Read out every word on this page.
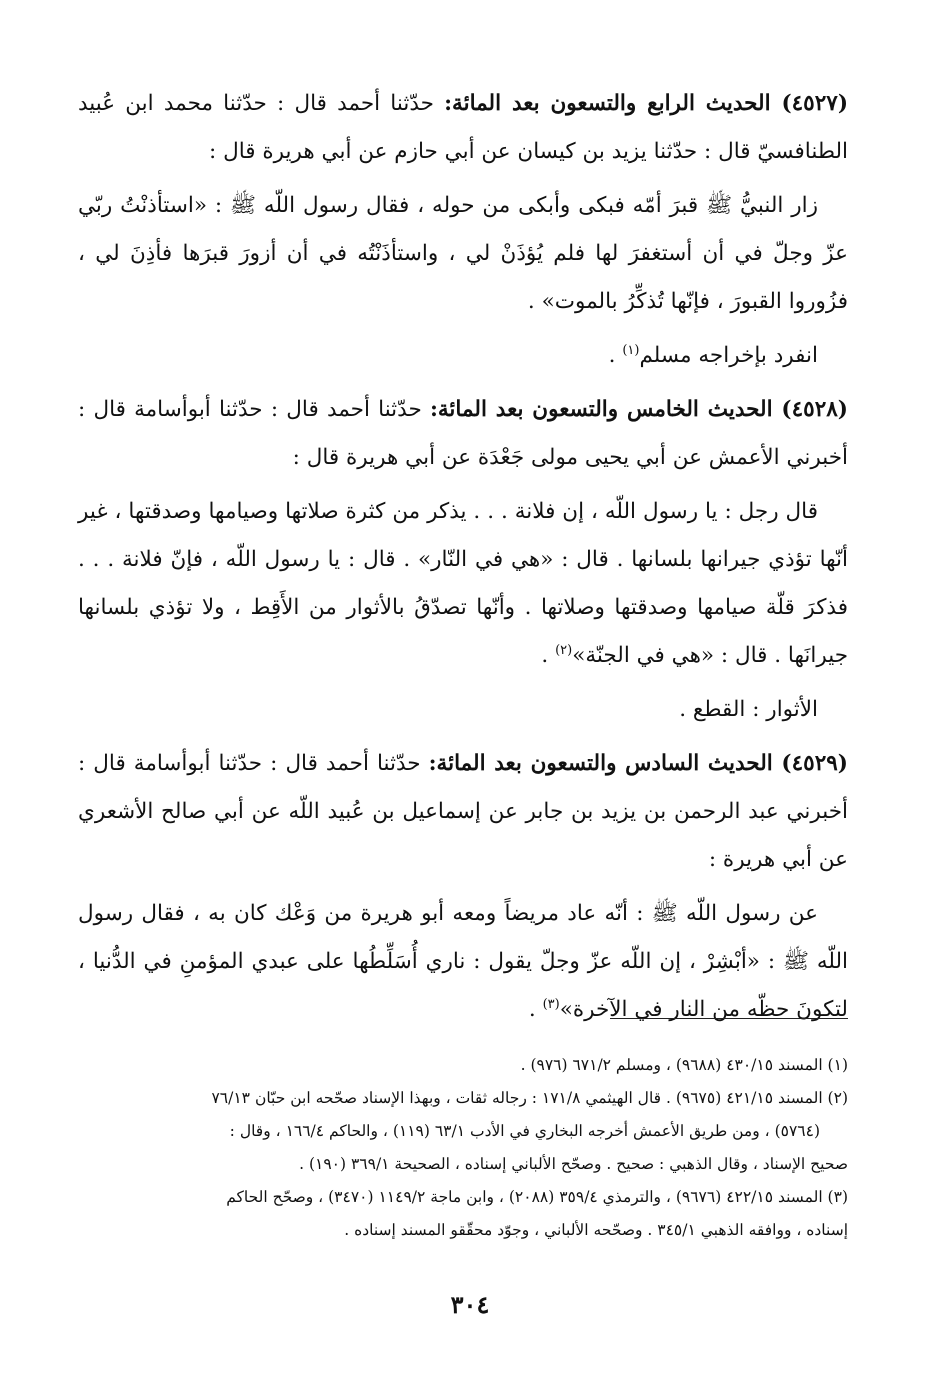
(٤٥٢٧) الحديث الرابع والتسعون بعد المائة: حدّثنا أحمد قال : حدّثنا محمد ابن عُبيد الطنافسيّ قال : حدّثنا يزيد بن كيسان عن أبي حازم عن أبي هريرة قال :

زار النبيُّ ﷺ قبرَ أمّه فبكى وأبكى من حوله ، فقال رسول اللّه ﷺ : «استأذنْتُ ربّي عزّ وجلّ في أن أستغفرَ لها فلم يُؤذَنْ لي ، واستأذَنْتُه في أن أزورَ قبرَها فأذِنَ لي ، فزُوروا القبورَ ، فإنّها تُذكِّرُ بالموت» .

انفرد بإخراجه مسلم$^{(١)}$ .

(٤٥٢٨) الحديث الخامس والتسعون بعد المائة: حدّثنا أحمد قال : حدّثنا أبوأسامة قال : أخبرني الأعمش عن أبي يحيى مولى جَعْدَة عن أبي هريرة قال :

قال رجل : يا رسول اللّه ، إن فلانة . . . يذكر من كثرة صلاتها وصيامها وصدقتها ، غير أنّها تؤذي جيرانها بلسانها . قال : «هي في النّار» . قال : يا رسول اللّه ، فإنّ فلانة . . . فذكرَ قلّة صيامها وصدقتها وصلاتها . وأنّها تصدّقُ بالأثوار من الأَقِط ، ولا تؤذي بلسانها جيرانَها . قال : «هي في الجنّة»$^{(٢)}$ .

الأثوار : القطع .

(٤٥٢٩) الحديث السادس والتسعون بعد المائة: حدّثنا أحمد قال : حدّثنا أبوأسامة قال : أخبرني عبد الرحمن بن يزيد بن جابر عن إسماعيل بن عُبيد اللّه عن أبي صالح الأشعري عن أبي هريرة :

عن رسول اللّه ﷺ : أنّه عاد مريضاً ومعه أبو هريرة من وَعْك كان به ، فقال رسول اللّه ﷺ : «أبْشِرْ ، إن اللّه عزّ وجلّ يقول : ناري أُسَلِّطُها على عبدي المؤمنِ في الدُّنيا ، لتكونَ حظّه من النار في الآخرة»$^{(٣)}$ .

(١) المسند ٤٣٠/١٥ (٩٦٨٨) ، ومسلم ٦٧١/٢ (٩٧٦) .

(٢) المسند ٤٢١/١٥ (٩٦٧٥) . قال الهيثمي ١٧١/٨ : رجاله ثقات ، وبهذا الإسناد صحّحه ابن حبّان ٧٦/١٣

(٥٧٦٤) ، ومن طريق الأعمش أخرجه البخاري في الأدب ٦٣/١ (١١٩) ، والحاكم ١٦٦/٤ ، وقال :

صحيح الإسناد ، وقال الذهبي : صحيح . وصحّح الألباني إسناده ، الصحيحة ٣٦٩/١ (١٩٠) .

(٣) المسند ٤٢٢/١٥ (٩٦٧٦) ، والترمذي ٣٥٩/٤ (٢٠٨٨) ، وابن ماجة ١١٤٩/٢ (٣٤٧٠) ، وصحّح الحاكم

إسناده ، ووافقه الذهبي ٣٤٥/١ . وصحّحه الألباني ، وجوّد محقّقو المسند إسناده .

٣٠٤
